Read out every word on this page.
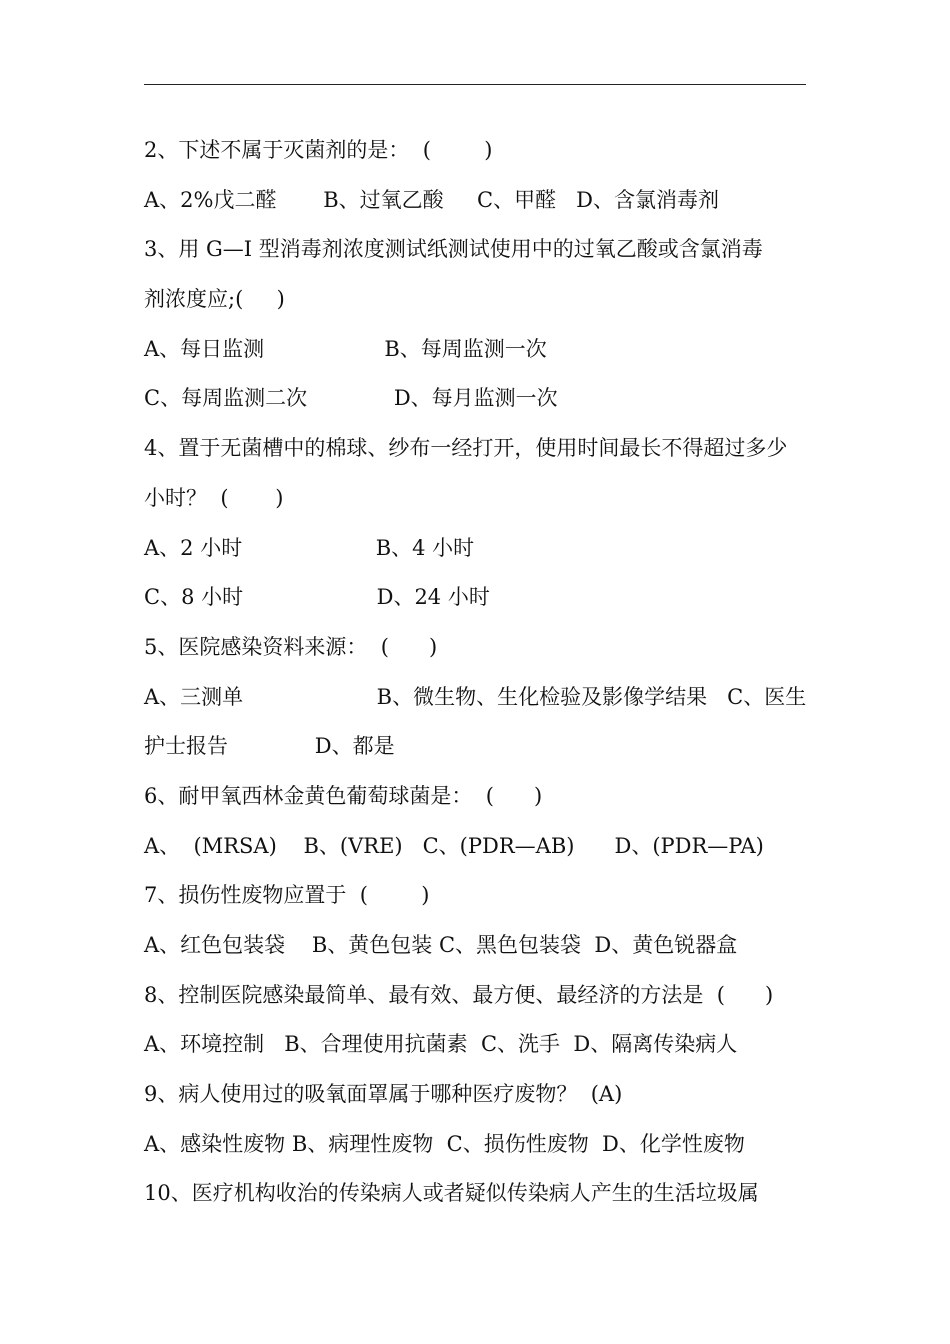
2、下述不属于灭菌剂的是：  (        )
A、2%戊二醛       B、过氧乙酸     C、甲醛   D、含氯消毒剂
3、用 G—I 型消毒剂浓度测试纸测试使用中的过氧乙酸或含氯消毒
剂浓度应;(     )
A、每日监测                  B、每周监测一次
C、每周监测二次             D、每月监测一次
4、置于无菌槽中的棉球、纱布一经打开，使用时间最长不得超过多少
小时？  (       )
A、2 小时                    B、4 小时
C、8 小时                    D、24 小时
5、医院感染资料来源：  (      )
A、三测单                    B、微生物、生化检验及影像学结果   C、医生
护士报告             D、都是
6、耐甲氧西林金黄色葡萄球菌是：  (      )
A、  (MRSA)    B、(VRE)   C、(PDR—AB)      D、(PDR—PA)
7、损伤性废物应置于  (        )
A、红色包装袋    B、黄色包装 C、黑色包装袋  D、黄色锐器盒
8、控制医院感染最简单、最有效、最方便、最经济的方法是  (      )
A、环境控制   B、合理使用抗菌素  C、洗手  D、隔离传染病人
9、病人使用过的吸氧面罩属于哪种医疗废物？  (A)
A、感染性废物 B、病理性废物  C、损伤性废物  D、化学性废物
10、医疗机构收治的传染病人或者疑似传染病人产生的生活垃圾属
